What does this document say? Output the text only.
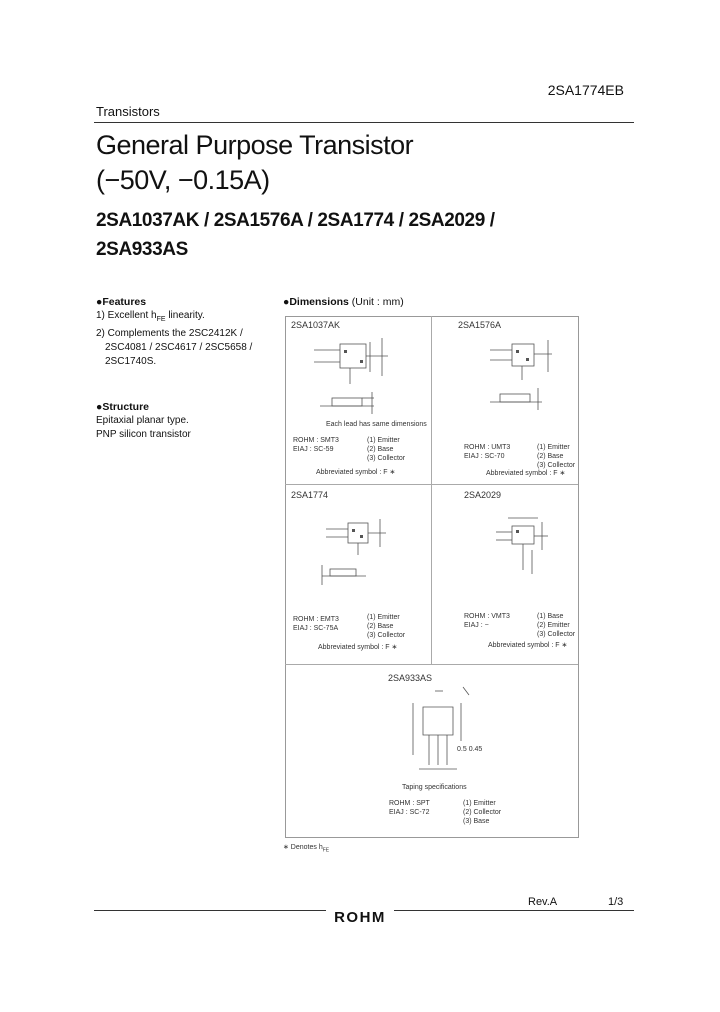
2SA1774EB
Transistors
General Purpose Transistor
(−50V, −0.15A)
2SA1037AK / 2SA1576A / 2SA1774 / 2SA2029 /
2SA933AS
●Features
1) Excellent $h_{FE}$ linearity.
2) Complements the 2SC2412K /
2SC4081 / 2SC4617 / 2SC5658 /
2SC1740S.
●Structure
Epitaxial planar type.
PNP silicon transistor
●Dimensions (Unit : mm)
2SA1037AK
Each lead has same dimensions
ROHM : SMT3
EIAJ : SC-59
(1) Emitter
(2) Base
(3) Collector
Abbreviated symbol : F ∗
2SA1576A
ROHM : UMT3
EIAJ : SC-70
(1) Emitter
(2) Base
(3) Collector
Abbreviated symbol : F ∗
2SA1774
ROHM : EMT3
EIAJ : SC-75A
(1) Emitter
(2) Base
(3) Collector
Abbreviated symbol : F ∗
2SA2029
ROHM : VMT3
EIAJ : −
(1) Base
(2) Emitter
(3) Collector
Abbreviated symbol : F ∗
2SA933AS
0.5 0.45
Taping specifications
ROHM : SPT
EIAJ : SC-72
(1) Emitter
(2) Collector
(3) Base
∗ Denotes $h_{FE}$
Rev.A	1/3
ROHM
